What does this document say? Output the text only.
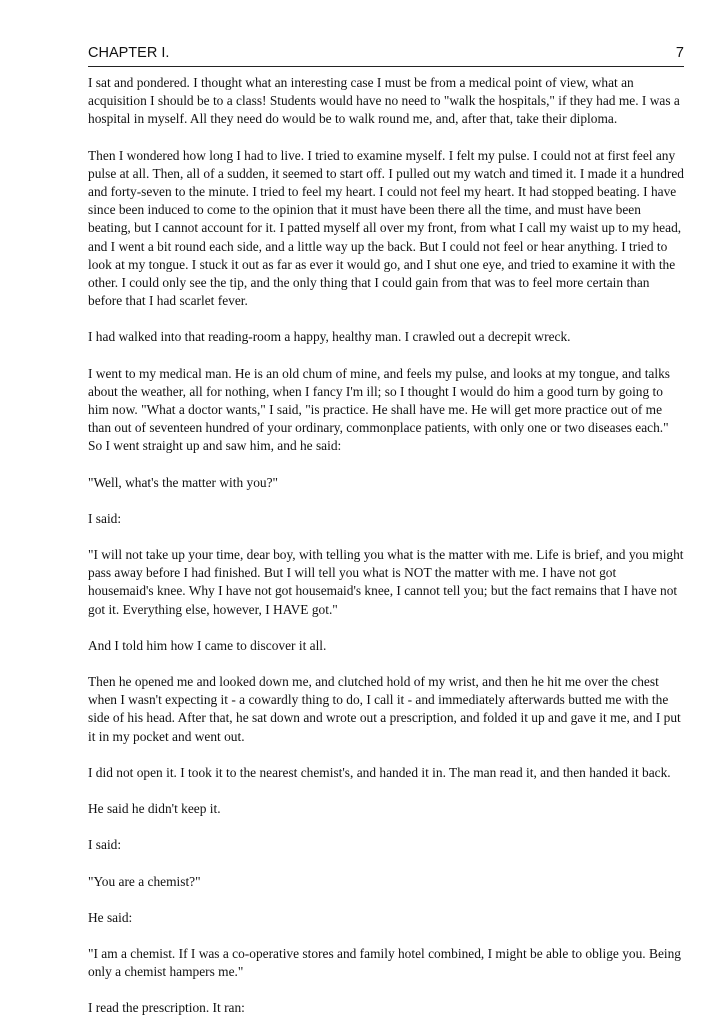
CHAPTER I.	7

I sat and pondered. I thought what an interesting case I must be from a medical point of view, what an acquisition I should be to a class! Students would have no need to "walk the hospitals," if they had me. I was a hospital in myself. All they need do would be to walk round me, and, after that, take their diploma.

Then I wondered how long I had to live. I tried to examine myself. I felt my pulse. I could not at first feel any pulse at all. Then, all of a sudden, it seemed to start off. I pulled out my watch and timed it. I made it a hundred and forty-seven to the minute. I tried to feel my heart. I could not feel my heart. It had stopped beating. I have since been induced to come to the opinion that it must have been there all the time, and must have been beating, but I cannot account for it. I patted myself all over my front, from what I call my waist up to my head, and I went a bit round each side, and a little way up the back. But I could not feel or hear anything. I tried to look at my tongue. I stuck it out as far as ever it would go, and I shut one eye, and tried to examine it with the other. I could only see the tip, and the only thing that I could gain from that was to feel more certain than before that I had scarlet fever.

I had walked into that reading-room a happy, healthy man. I crawled out a decrepit wreck.

I went to my medical man. He is an old chum of mine, and feels my pulse, and looks at my tongue, and talks about the weather, all for nothing, when I fancy I'm ill; so I thought I would do him a good turn by going to him now. "What a doctor wants," I said, "is practice. He shall have me. He will get more practice out of me than out of seventeen hundred of your ordinary, commonplace patients, with only one or two diseases each." So I went straight up and saw him, and he said:

"Well, what's the matter with you?"

I said:

"I will not take up your time, dear boy, with telling you what is the matter with me. Life is brief, and you might pass away before I had finished. But I will tell you what is NOT the matter with me. I have not got housemaid's knee. Why I have not got housemaid's knee, I cannot tell you; but the fact remains that I have not got it. Everything else, however, I HAVE got."

And I told him how I came to discover it all.

Then he opened me and looked down me, and clutched hold of my wrist, and then he hit me over the chest when I wasn't expecting it - a cowardly thing to do, I call it - and immediately afterwards butted me with the side of his head. After that, he sat down and wrote out a prescription, and folded it up and gave it me, and I put it in my pocket and went out.

I did not open it. I took it to the nearest chemist's, and handed it in. The man read it, and then handed it back.

He said he didn't keep it.

I said:

"You are a chemist?"

He said:

"I am a chemist. If I was a co-operative stores and family hotel combined, I might be able to oblige you. Being only a chemist hampers me."

I read the prescription. It ran:
